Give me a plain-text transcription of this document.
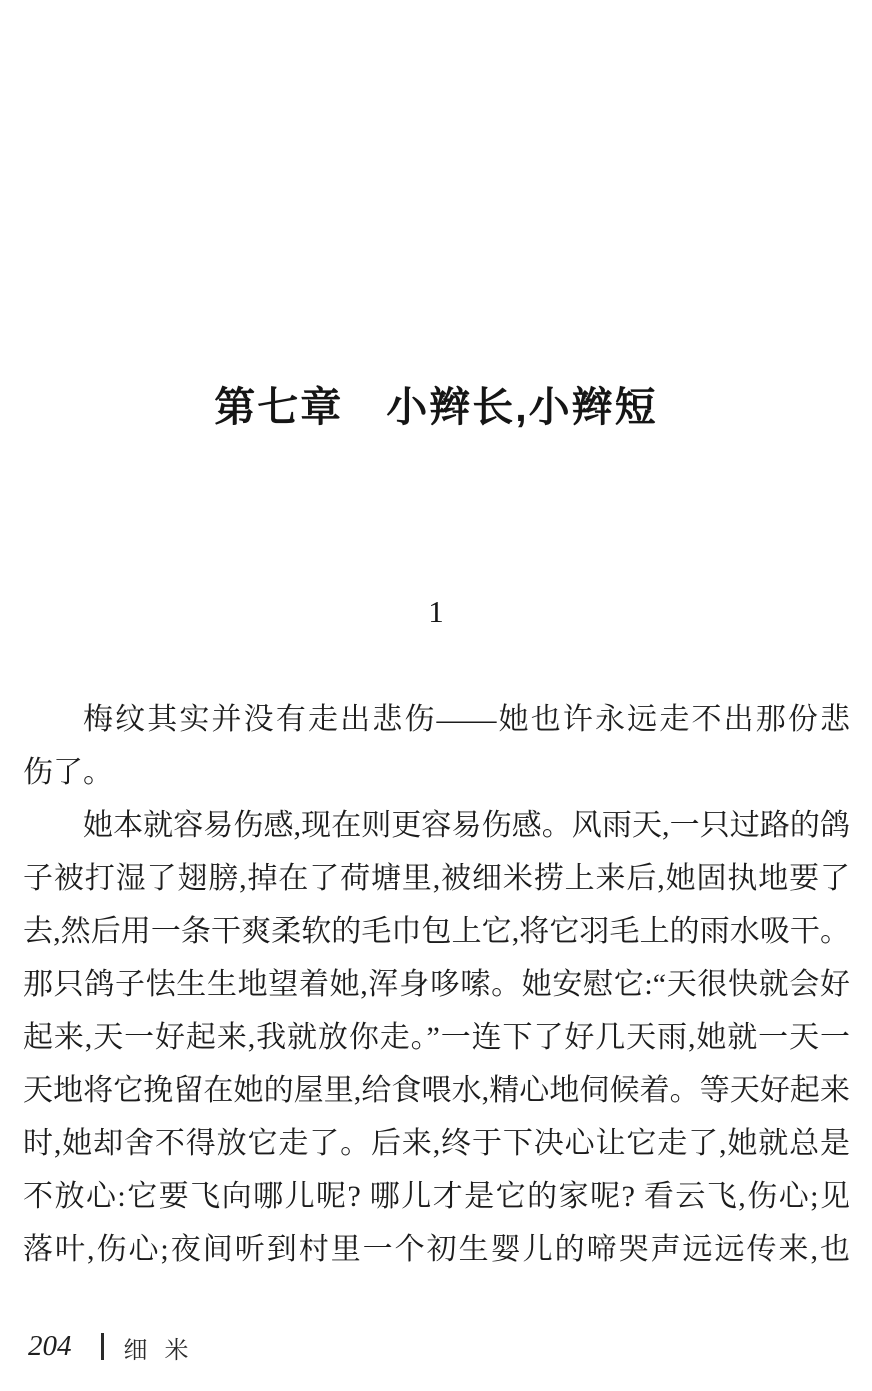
第七章　小辫长,小辫短
1
梅纹其实并没有走出悲伤——她也许永远走不出那份悲
伤了。
她本就容易伤感,现在则更容易伤感。风雨天,一只过路的鸽
子被打湿了翅膀,掉在了荷塘里,被细米捞上来后,她固执地要了
去,然后用一条干爽柔软的毛巾包上它,将它羽毛上的雨水吸干。
那只鸽子怯生生地望着她,浑身哆嗦。她安慰它:“天很快就会好
起来,天一好起来,我就放你走。”一连下了好几天雨,她就一天一
天地将它挽留在她的屋里,给食喂水,精心地伺候着。等天好起来
时,她却舍不得放它走了。后来,终于下决心让它走了,她就总是
不放心:它要飞向哪儿呢? 哪儿才是它的家呢? 看云飞,伤心;见
落叶,伤心;夜间听到村里一个初生婴儿的啼哭声远远传来,也
204 细米
